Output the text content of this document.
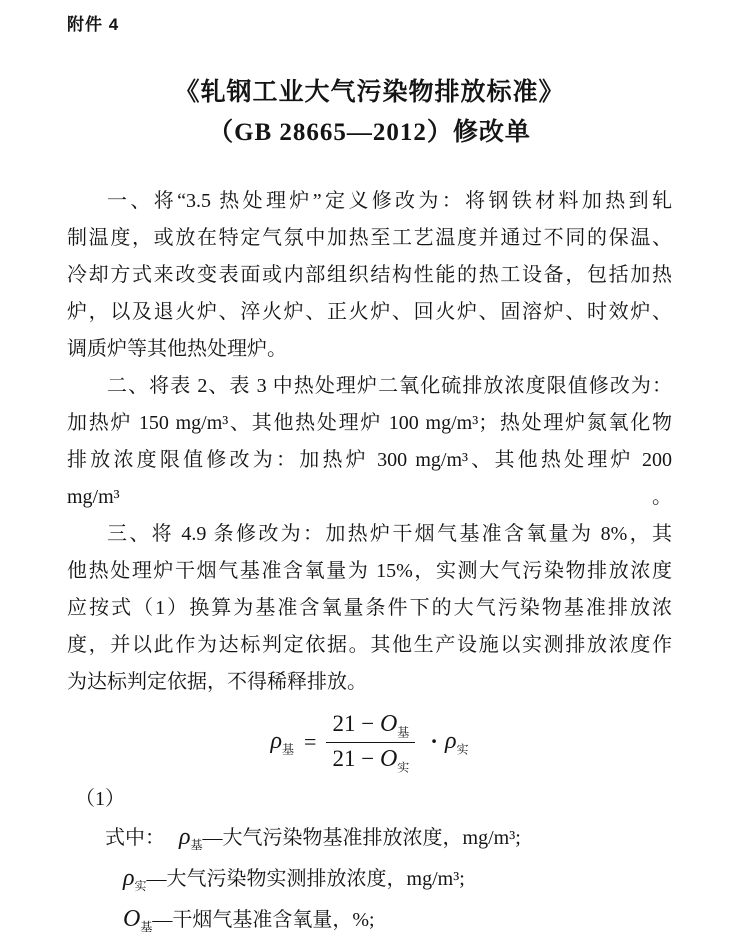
附件 4
《轧钢工业大气污染物排放标准》
（GB 28665—2012）修改单
一、将“3.5 热处理炉”定义修改为：将钢铁材料加热到轧
制温度，或放在特定气氛中加热至工艺温度并通过不同的保温、
冷却方式来改变表面或内部组织结构性能的热工设备，包括加热
炉，以及退火炉、淬火炉、正火炉、回火炉、固溶炉、时效炉、
调质炉等其他热处理炉。
二、将表 2、表 3 中热处理炉二氧化硫排放浓度限值修改为：
加热炉 150 mg/m³、其他热处理炉 100 mg/m³；热处理炉氮氧化物
排放浓度限值修改为：加热炉 300 mg/m³、其他热处理炉 200 mg/m³。
三、将 4.9 条修改为：加热炉干烟气基准含氧量为 8%，其
他热处理炉干烟气基准含氧量为 15%，实测大气污染物排放浓度
应按式（1）换算为基准含氧量条件下的大气污染物基准排放浓
度，并以此作为达标判定依据。其他生产设施以实测排放浓度作
为达标判定依据，不得稀释排放。
$\rho_基 = \frac{21 - O_基}{21 - O_实} \cdot \rho_实$
（1）
式中： $\rho_基—$大气污染物基准排放浓度，mg/m³;
$\rho_实—$大气污染物实测排放浓度，mg/m³;
$O_基—$干烟气基准含氧量，%;
